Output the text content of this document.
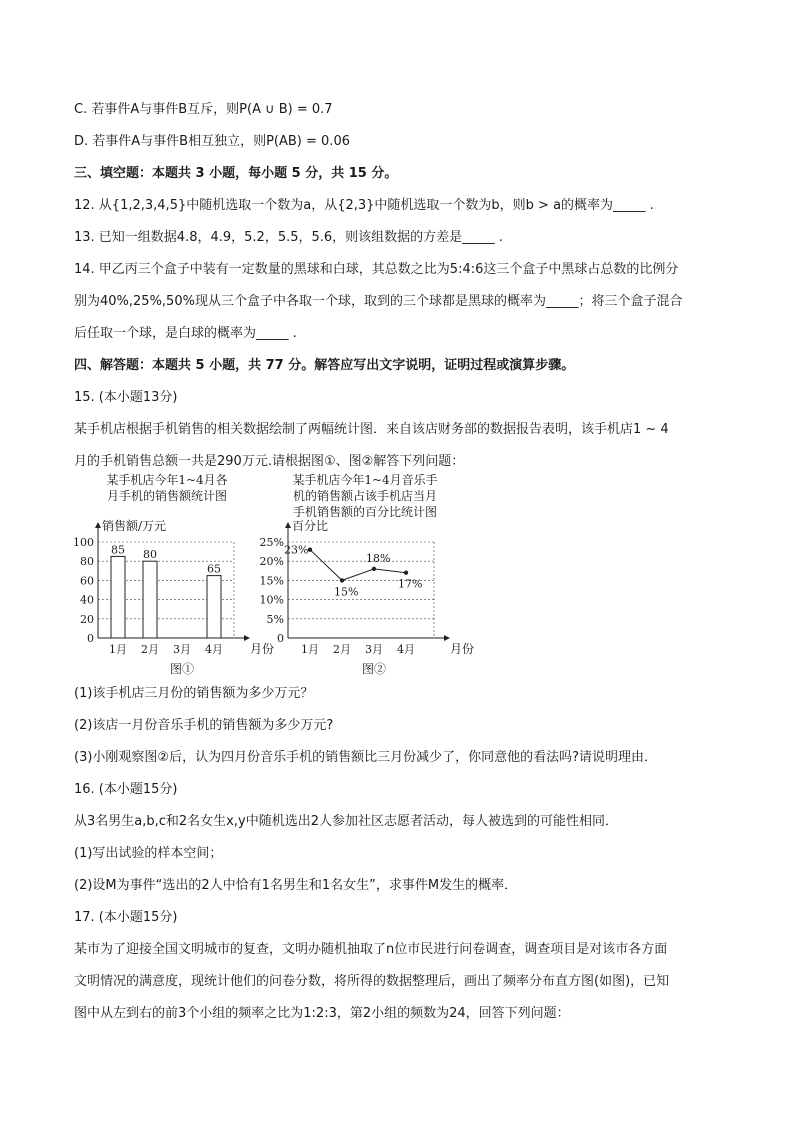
C. 若事件A与事件B互斥，则P(A ∪ B) = 0.7
D. 若事件A与事件B相互独立，则P(AB) = 0.06
三、填空题：本题共 3 小题，每小题 5 分，共 15 分。
12. 从{1,2,3,4,5}中随机选取一个数为a，从{2,3}中随机选取一个数为b，则b > a的概率为_____ .
13. 已知一组数据4.8，4.9，5.2，5.5，5.6，则该组数据的方差是_____ .
14. 甲乙丙三个盒子中装有一定数量的黑球和白球，其总数之比为5:4:6这三个盒子中黑球占总数的比例分
别为40%,25%,50%现从三个盒子中各取一个球，取到的三个球都是黑球的概率为_____；将三个盒子混合
后任取一个球，是白球的概率为_____ .
四、解答题：本题共 5 小题，共 77 分。解答应写出文字说明，证明过程或演算步骤。
15. (本小题13分)
某手机店根据手机销售的相关数据绘制了两幅统计图．来自该店财务部的数据报告表明，该手机店1 ~ 4
月的手机销售总额一共是290万元.请根据图①、图②解答下列问题：
某手机店今年1~4月各
月手机的销售额统计图
某手机店今年1~4月音乐手
机的销售额占该手机店当月
手机销售额的百分比统计图
销售额/万元
月份
0
20
40
60
80
100
1月 2月 3月 4月
85 80
65
图①
百分比
月份
0
5%
10%
15%
20%
25%
1月 2月 3月 4月
23%
15%
18%
17%
图②
(1)该手机店三月份的销售额为多少万元？
(2)该店一月份音乐手机的销售额为多少万元?
(3)小刚观察图②后，认为四月份音乐手机的销售额比三月份减少了，你同意他的看法吗?请说明理由．
16. (本小题15分)
从3名男生a,b,c和2名女生x,y中随机选出2人参加社区志愿者活动，每人被选到的可能性相同．
(1)写出试验的样本空间；
(2)设M为事件“选出的2人中恰有1名男生和1名女生”，求事件M发生的概率．
17. (本小题15分)
某市为了迎接全国文明城市的复查，文明办随机抽取了n位市民进行问卷调查，调查项目是对该市各方面
文明情况的满意度，现统计他们的问卷分数，将所得的数据整理后，画出了频率分布直方图(如图)，已知
图中从左到右的前3个小组的频率之比为1:2:3，第2小组的频数为24，回答下列问题：
